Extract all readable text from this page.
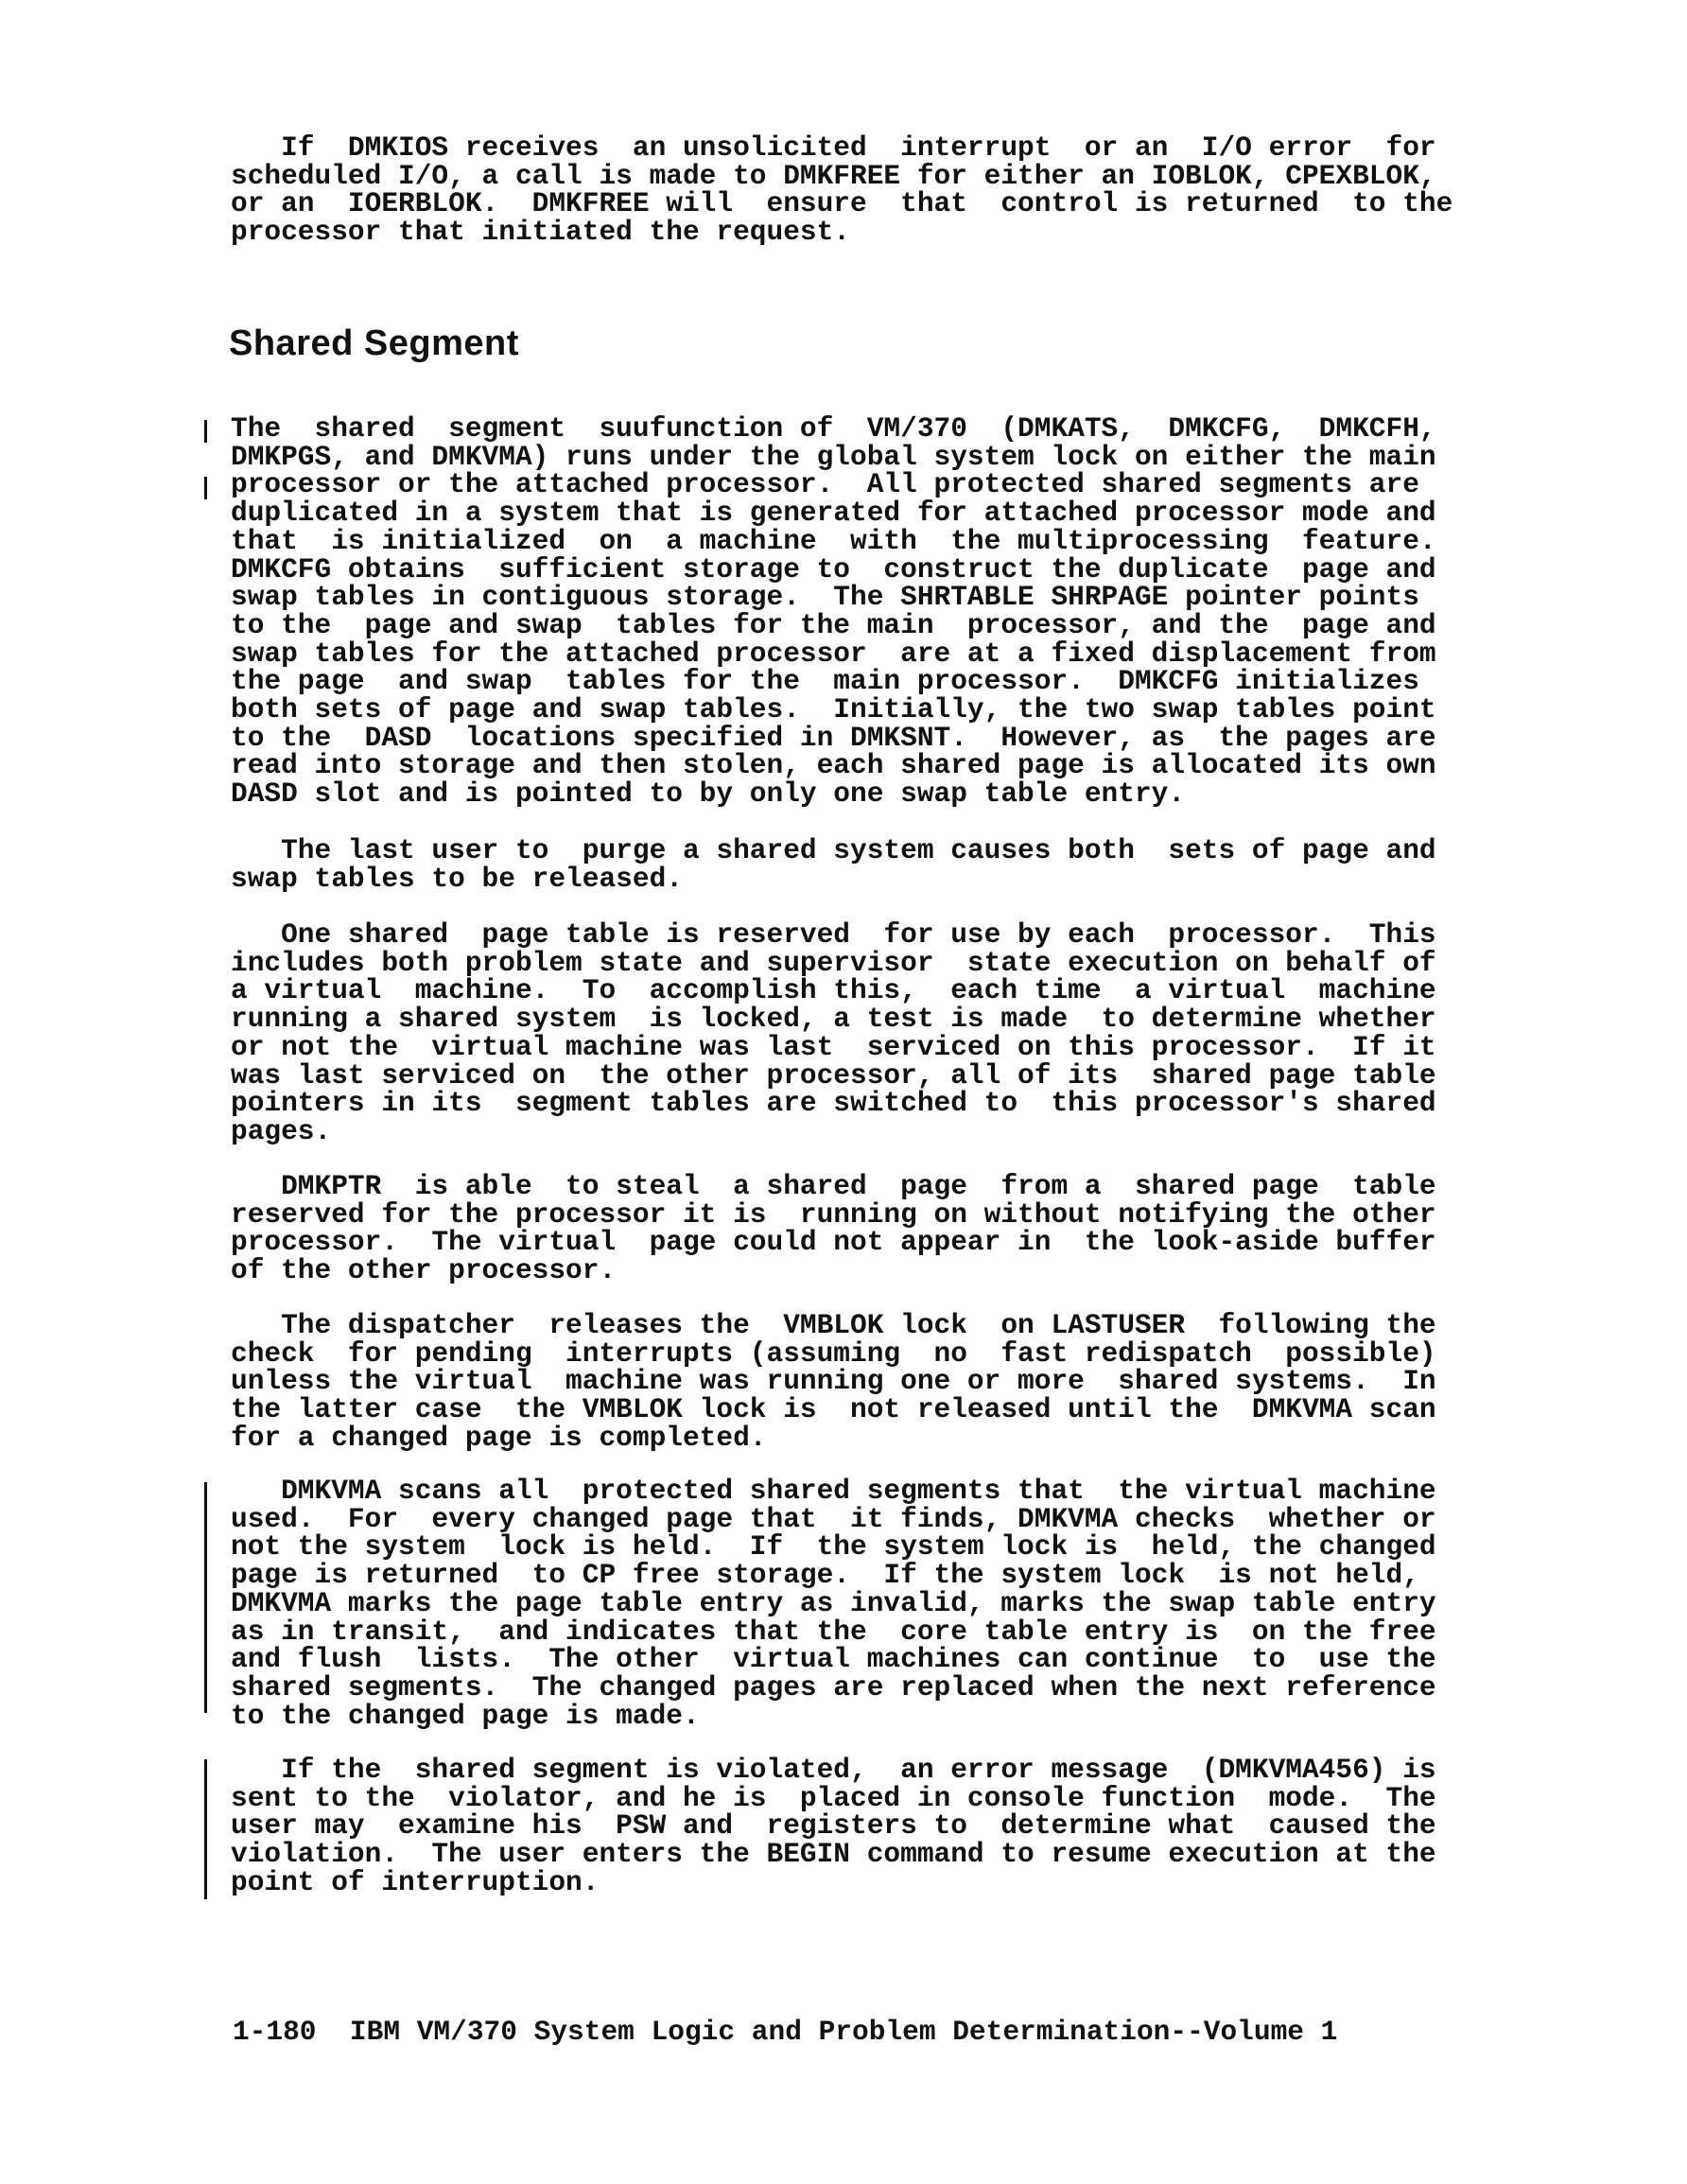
If  DMKIOS receives  an unsolicited  interrupt  or an  I/O error  for
scheduled I/O, a call is made to DMKFREE for either an IOBLOK, CPEXBLOK,
or an  IOERBLOK.  DMKFREE will  ensure  that  control is returned  to the
processor that initiated the request.

Shared Segment

The  shared  segment  suufunction of  VM/370  (DMKATS,  DMKCFG,  DMKCFH,
DMKPGS, and DMKVMA) runs under the global system lock on either the main
processor or the attached processor.  All protected shared segments are
duplicated in a system that is generated for attached processor mode and
that  is initialized  on  a machine  with  the multiprocessing  feature.
DMKCFG obtains  sufficient storage to  construct the duplicate  page and
swap tables in contiguous storage.  The SHRTABLE SHRPAGE pointer points
to the  page and swap  tables for the main  processor, and the  page and
swap tables for the attached processor  are at a fixed displacement from
the page  and swap  tables for the  main processor.  DMKCFG initializes
both sets of page and swap tables.  Initially, the two swap tables point
to the  DASD  locations specified in DMKSNT.  However, as  the pages are
read into storage and then stolen, each shared page is allocated its own
DASD slot and is pointed to by only one swap table entry.

The last user to  purge a shared system causes both  sets of page and
swap tables to be released.

One shared  page table is reserved  for use by each  processor.  This
includes both problem state and supervisor  state execution on behalf of
a virtual  machine.  To  accomplish this,  each time  a virtual  machine
running a shared system  is locked, a test is made  to determine whether
or not the  virtual machine was last  serviced on this processor.  If it
was last serviced on  the other processor, all of its  shared page table
pointers in its  segment tables are switched to  this processor's shared
pages.

DMKPTR  is able  to steal  a shared  page  from a  shared page  table
reserved for the processor it is  running on without notifying the other
processor.  The virtual  page could not appear in  the look-aside buffer
of the other processor.

The dispatcher  releases the  VMBLOK lock  on LASTUSER  following the
check  for pending  interrupts (assuming  no  fast redispatch  possible)
unless the virtual  machine was running one or more  shared systems.  In
the latter case  the VMBLOK lock is  not released until the  DMKVMA scan
for a changed page is completed.

DMKVMA scans all  protected shared segments that  the virtual machine
used.  For  every changed page that  it finds, DMKVMA checks  whether or
not the system  lock is held.  If  the system lock is  held, the changed
page is returned  to CP free storage.  If the system lock  is not held,
DMKVMA marks the page table entry as invalid, marks the swap table entry
as in transit,  and indicates that the  core table entry is  on the free
and flush  lists.  The other  virtual machines can continue  to  use the
shared segments.  The changed pages are replaced when the next reference
to the changed page is made.

If the  shared segment is violated,  an error message  (DMKVMA456) is
sent to the  violator, and he is  placed in console function  mode.  The
user may  examine his  PSW and  registers to  determine what  caused the
violation.  The user enters the BEGIN command to resume execution at the
point of interruption.

1-180  IBM VM/370 System Logic and Problem Determination--Volume 1
